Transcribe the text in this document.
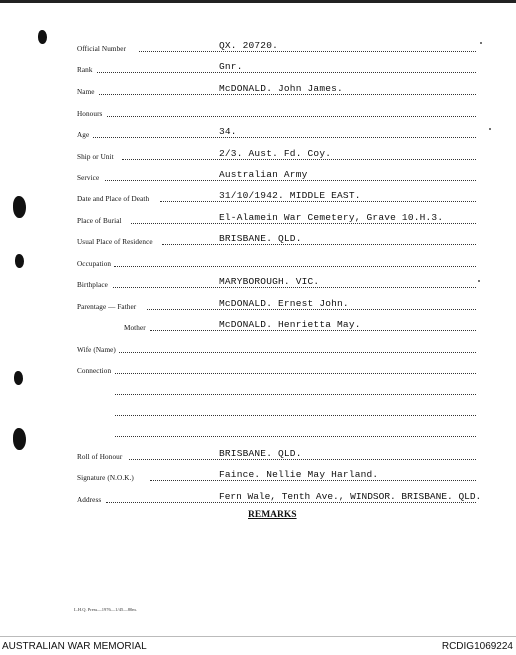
Official Number	QX. 20720.
Rank	Gnr.
Name	McDONALD. John James.
Honours
Age	34.
Ship or Unit	2/3. Aust. Fd. Coy.
Service	Australian Army
Date and Place of Death	31/10/1942. MIDDLE EAST.
Place of Burial	El-Alamein War Cemetery, Grave 10.H.3.
Usual Place of Residence	BRISBANE. QLD.
Occupation
Birthplace	MARYBOROUGH. VIC.
Parentage — Father	McDONALD. Ernest John.
Mother	McDONALD. Henrietta May.
Wife (Name)
Connection
Roll of Honour	BRISBANE. QLD.
Signature (N.O.K.)	Faince. Nellie May Harland.
Address	Fern Wale, Tenth Ave., WINDSOR. BRISBANE. QLD.
REMARKS
L.H.Q. Press—1976—1/45—80m.
AUSTRALIAN WAR MEMORIAL	RCDIG1069224
